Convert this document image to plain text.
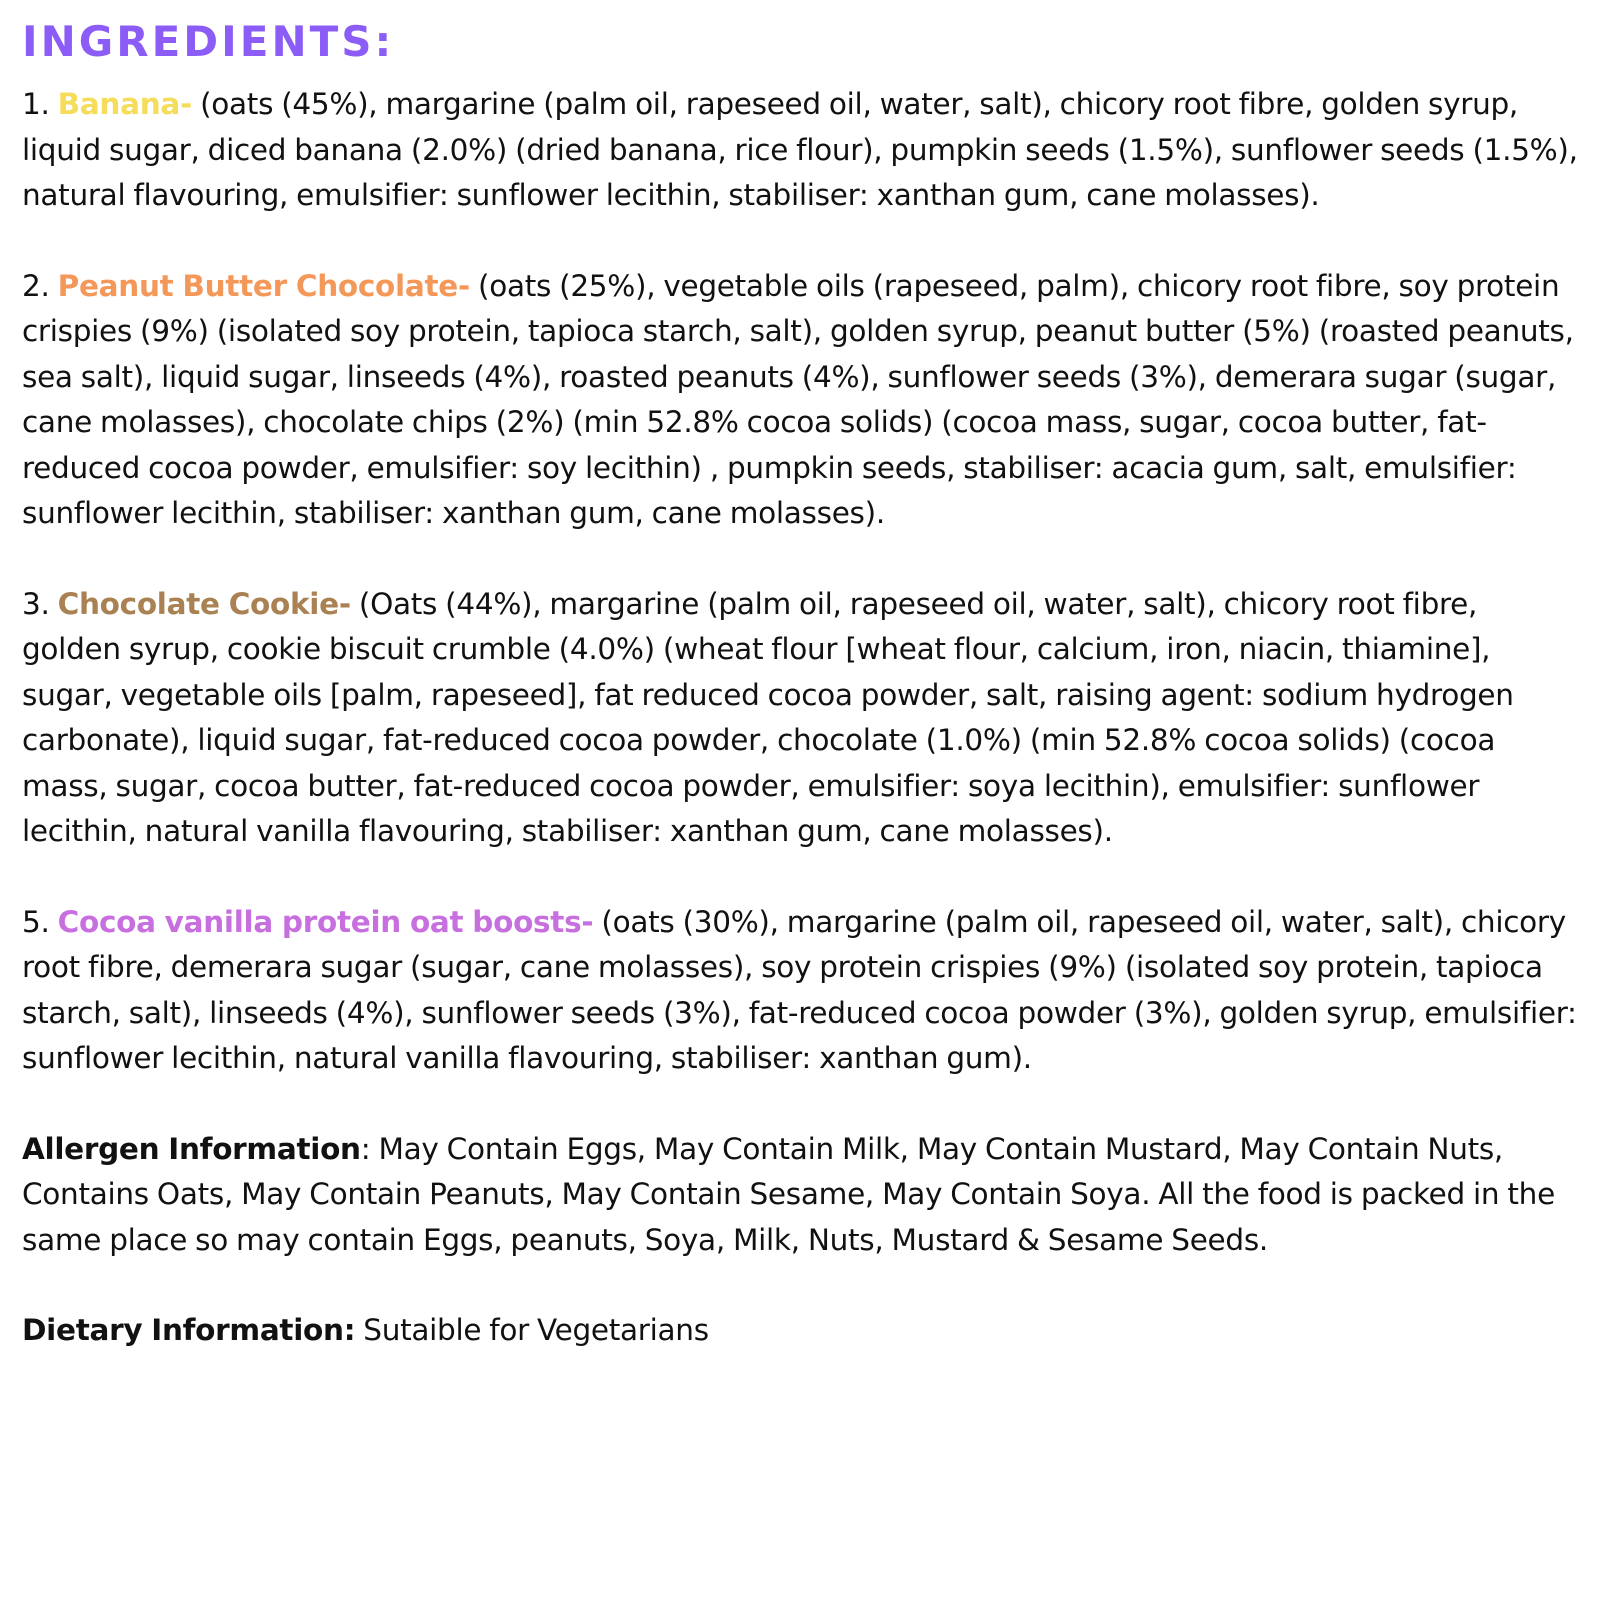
INGREDIENTS:

1. Banana- (oats (45%), margarine (palm oil, rapeseed oil, water, salt), chicory root fibre, golden syrup, liquid sugar, diced banana (2.0%) (dried banana, rice flour), pumpkin seeds (1.5%), sunflower seeds (1.5%), natural flavouring, emulsifier: sunflower lecithin, stabiliser: xanthan gum, cane molasses).

2. Peanut Butter Chocolate- (oats (25%), vegetable oils (rapeseed, palm), chicory root fibre, soy protein crispies (9%) (isolated soy protein, tapioca starch, salt), golden syrup, peanut butter (5%) (roasted peanuts, sea salt), liquid sugar, linseeds (4%), roasted peanuts (4%), sunflower seeds (3%), demerara sugar (sugar, cane molasses), chocolate chips (2%) (min 52.8% cocoa solids) (cocoa mass, sugar, cocoa butter, fat-reduced cocoa powder, emulsifier: soy lecithin) , pumpkin seeds, stabiliser: acacia gum, salt, emulsifier: sunflower lecithin, stabiliser: xanthan gum, cane molasses).

3. Chocolate Cookie- (Oats (44%), margarine (palm oil, rapeseed oil, water, salt), chicory root fibre, golden syrup, cookie biscuit crumble (4.0%) (wheat flour [wheat flour, calcium, iron, niacin, thiamine], sugar, vegetable oils [palm, rapeseed], fat reduced cocoa powder, salt, raising agent: sodium hydrogen carbonate), liquid sugar, fat-reduced cocoa powder, chocolate (1.0%) (min 52.8% cocoa solids) (cocoa mass, sugar, cocoa butter, fat-reduced cocoa powder, emulsifier: soya lecithin), emulsifier: sunflower lecithin, natural vanilla flavouring, stabiliser: xanthan gum, cane molasses).

5. Cocoa vanilla protein oat boosts- (oats (30%), margarine (palm oil, rapeseed oil, water, salt), chicory root fibre, demerara sugar (sugar, cane molasses), soy protein crispies (9%) (isolated soy protein, tapioca starch, salt), linseeds (4%), sunflower seeds (3%), fat-reduced cocoa powder (3%), golden syrup, emulsifier: sunflower lecithin, natural vanilla flavouring, stabiliser: xanthan gum).

Allergen Information: May Contain Eggs, May Contain Milk, May Contain Mustard, May Contain Nuts, Contains Oats, May Contain Peanuts, May Contain Sesame, May Contain Soya. All the food is packed in the same place so may contain Eggs, peanuts, Soya, Milk, Nuts, Mustard & Sesame Seeds.

Dietary Information: Sutaible for Vegetarians
